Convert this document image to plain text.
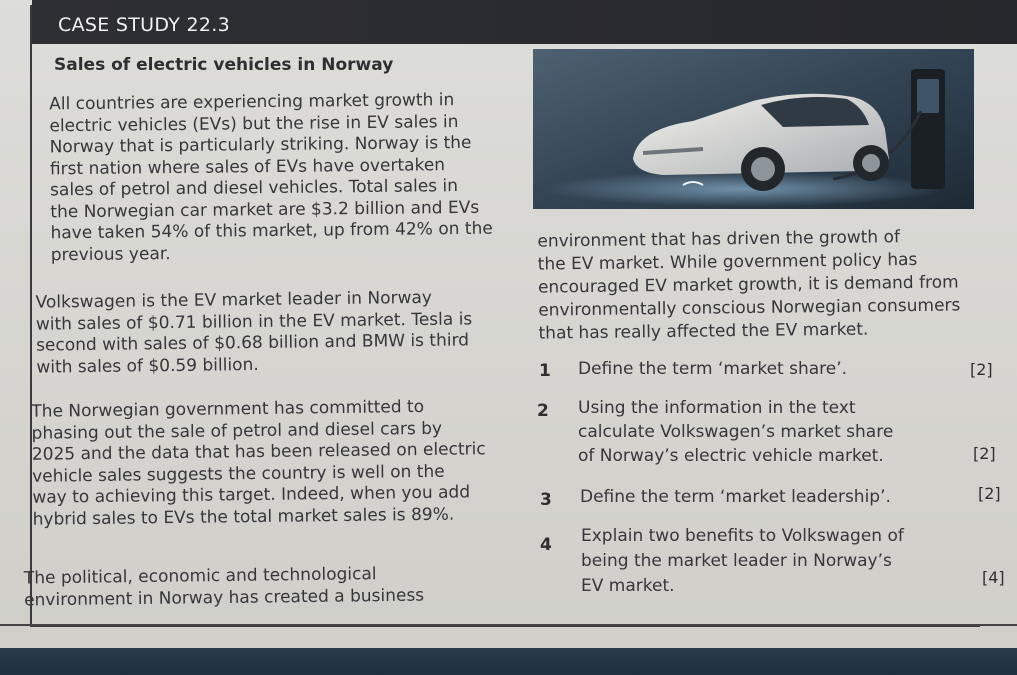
CASE STUDY 22.3
Sales of electric vehicles in Norway
All countries are experiencing market growth in
electric vehicles (EVs) but the rise in EV sales in
Norway that is particularly striking. Norway is the
first nation where sales of EVs have overtaken
sales of petrol and diesel vehicles. Total sales in
the Norwegian car market are $3.2 billion and EVs
have taken 54% of this market, up from 42% on the
previous year.
Volkswagen is the EV market leader in Norway
with sales of $0.71 billion in the EV market. Tesla is
second with sales of $0.68 billion and BMW is third
with sales of $0.59 billion.
The Norwegian government has committed to
phasing out the sale of petrol and diesel cars by
2025 and the data that has been released on electric
vehicle sales suggests the country is well on the
way to achieving this target. Indeed, when you add
hybrid sales to EVs the total market sales is 89%.
The political, economic and technological
environment in Norway has created a business
environment that has driven the growth of
the EV market. While government policy has
encouraged EV market growth, it is demand from
environmentally conscious Norwegian consumers
that has really affected the EV market.
1 Define the term ‘market share’.	[2]
2 Using the information in the text
calculate Volkswagen’s market share
of Norway’s electric vehicle market.	[2]
3 Define the term ‘market leadership’.	[2]
4 Explain two benefits to Volkswagen of
being the market leader in Norway’s
EV market.	[4]
